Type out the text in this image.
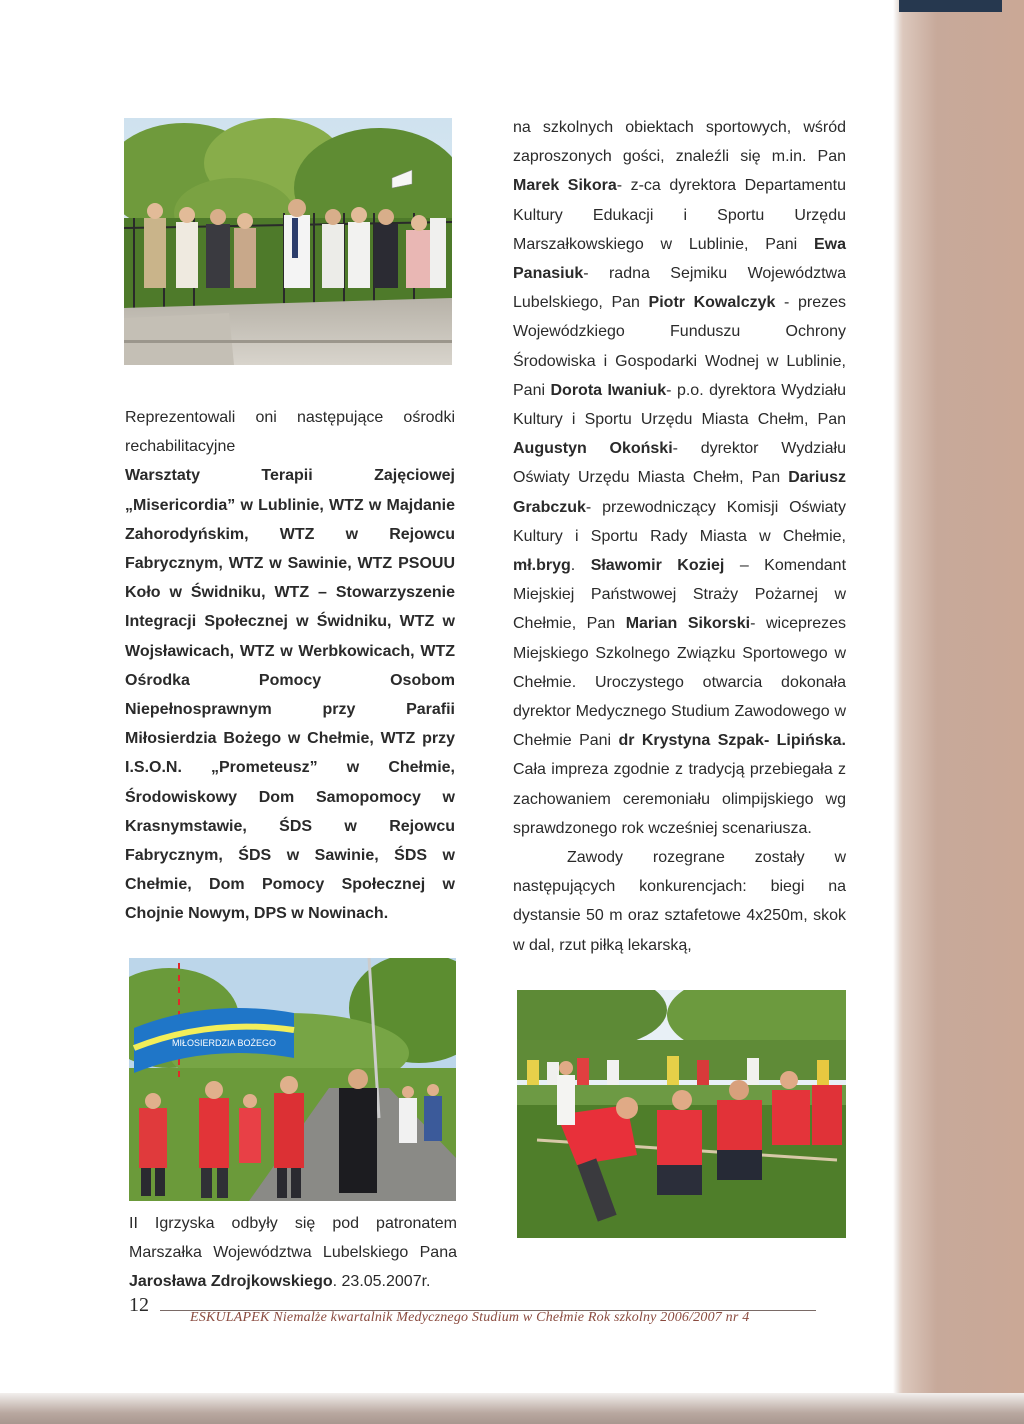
Reprezentowali oni następujące ośrodki rechabilitacyjne

Warsztaty Terapii Zajęciowej „Misericordia” w Lublinie, WTZ w Majdanie Zahorodyńskim, WTZ w Rejowcu Fabrycznym, WTZ w Sawinie, WTZ PSOUU Koło w Świdniku, WTZ – Stowarzyszenie Integracji Społecznej w Świdniku, WTZ w Wojsławicach, WTZ w Werbkowicach, WTZ Ośrodka Pomocy Osobom Niepełnosprawnym przy Parafii Miłosierdzia Bożego w Chełmie, WTZ przy I.S.O.N. „Prometeusz” w Chełmie, Środowiskowy Dom Samopomocy w Krasnymstawie, ŚDS w Rejowcu Fabrycznym, ŚDS w Sawinie, ŚDS w Chełmie, Dom Pomocy Społecznej w Chojnie Nowym, DPS w Nowinach.

na szkolnych obiektach sportowych, wśród zaproszonych gości, znaleźli się m.in. Pan Marek Sikora- z-ca dyrektora Departamentu Kultury Edukacji i Sportu Urzędu Marszałkowskiego w Lublinie, Pani Ewa Panasiuk- radna Sejmiku Województwa Lubelskiego, Pan Piotr Kowalczyk - prezes Wojewódzkiego Funduszu Ochrony Środowiska i Gospodarki Wodnej w Lublinie, Pani Dorota Iwaniuk- p.o. dyrektora Wydziału Kultury i Sportu Urzędu Miasta Chełm, Pan Augustyn Okoński- dyrektor Wydziału Oświaty Urzędu Miasta Chełm, Pan Dariusz Grabczuk- przewodniczący Komisji Oświaty Kultury i Sportu Rady Miasta w Chełmie, mł.bryg. Sławomir Koziej – Komendant Miejskiej Państwowej Straży Pożarnej w Chełmie, Pan Marian Sikorski- wiceprezes Miejskiego Szkolnego Związku Sportowego w Chełmie. Uroczystego otwarcia dokonała dyrektor Medycznego Studium Zawodowego w Chełmie Pani dr Krystyna Szpak- Lipińska. Cała impreza zgodnie z tradycją przebiegała z zachowaniem ceremoniału olimpijskiego wg sprawdzonego rok wcześniej scenariusza.

Zawody rozegrane zostały w następujących konkurencjach: biegi na dystansie 50 m oraz sztafetowe 4x250m, skok w dal, rzut piłką lekarską,

MIŁOSIERDZIA BOŻEGO

II Igrzyska odbyły się pod patronatem Marszałka Województwa Lubelskiego Pana Jarosława Zdrojkowskiego. 23.05.2007r.

12
ESKULAPEK Niemalże kwartalnik Medycznego Studium w Chełmie Rok szkolny 2006/2007 nr 4
